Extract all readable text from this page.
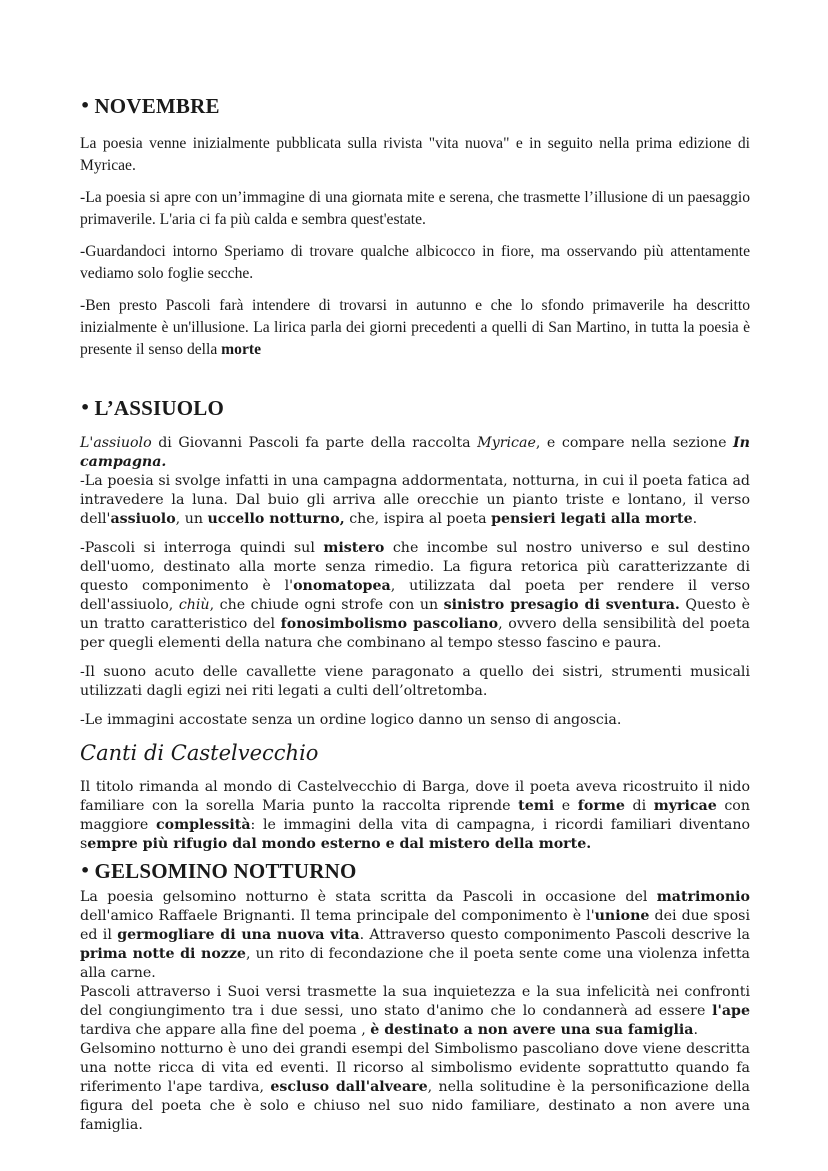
• NOVEMBRE

La poesia venne inizialmente pubblicata sulla rivista "vita nuova" e in seguito nella prima edizione di Myricae.

-La poesia si apre con un’immagine di una giornata mite e serena, che trasmette l’illusione di un paesaggio primaverile. L'aria ci fa più calda e sembra quest'estate.

-Guardandoci intorno Speriamo di trovare qualche albicocco in fiore, ma osservando più attentamente vediamo solo foglie secche.

-Ben presto Pascoli farà intendere di trovarsi in autunno e che lo sfondo primaverile ha descritto inizialmente è un'illusione. La lirica parla dei giorni precedenti a quelli di San Martino, in tutta la poesia è presente il senso della morte

• L’ASSIUOLO

L'assiuolo di Giovanni Pascoli fa parte della raccolta Myricae, e compare nella sezione In campagna.

-La poesia si svolge infatti in una campagna addormentata, notturna, in cui il poeta fatica ad intravedere la luna. Dal buio gli arriva alle orecchie un pianto triste e lontano, il verso dell'assiuolo, un uccello notturno, che, ispira al poeta pensieri legati alla morte.

-Pascoli si interroga quindi sul mistero che incombe sul nostro universo e sul destino dell'uomo, destinato alla morte senza rimedio. La figura retorica più caratterizzante di questo componimento è l'onomatopea, utilizzata dal poeta per rendere il verso dell'assiuolo, chiù, che chiude ogni strofe con un sinistro presagio di sventura. Questo è un tratto caratteristico del fonosimbolismo pascoliano, ovvero della sensibilità del poeta per quegli elementi della natura che combinano al tempo stesso fascino e paura.

-Il suono acuto delle cavallette viene paragonato a quello dei sistri, strumenti musicali utilizzati dagli egizi nei riti legati a culti dell’oltretomba.

-Le immagini accostate senza un ordine logico danno un senso di angoscia.

Canti di Castelvecchio

Il titolo rimanda al mondo di Castelvecchio di Barga, dove il poeta aveva ricostruito il nido familiare con la sorella Maria punto la raccolta riprende temi e forme di myricae con maggiore complessità: le immagini della vita di campagna, i ricordi familiari diventano sempre più rifugio dal mondo esterno e dal mistero della morte.

• GELSOMINO NOTTURNO

La poesia gelsomino notturno è stata scritta da Pascoli in occasione del matrimonio dell'amico Raffaele Brignanti. Il tema principale del componimento è l'unione dei due sposi ed il germogliare di una nuova vita. Attraverso questo componimento Pascoli descrive la prima notte di nozze, un rito di fecondazione che il poeta sente come una violenza infetta alla carne.

Pascoli attraverso i Suoi versi trasmette la sua inquietezza e la sua infelicità nei confronti del congiungimento tra i due sessi, uno stato d'animo che lo condannerà ad essere l'ape tardiva che appare alla fine del poema , è destinato a non avere una sua famiglia.

Gelsomino notturno è uno dei grandi esempi del Simbolismo pascoliano dove viene descritta una notte ricca di vita ed eventi. Il ricorso al simbolismo evidente soprattutto quando fa riferimento l'ape tardiva, escluso dall'alveare, nella solitudine è la personificazione della figura del poeta che è solo e chiuso nel suo nido familiare, destinato a non avere una famiglia.
